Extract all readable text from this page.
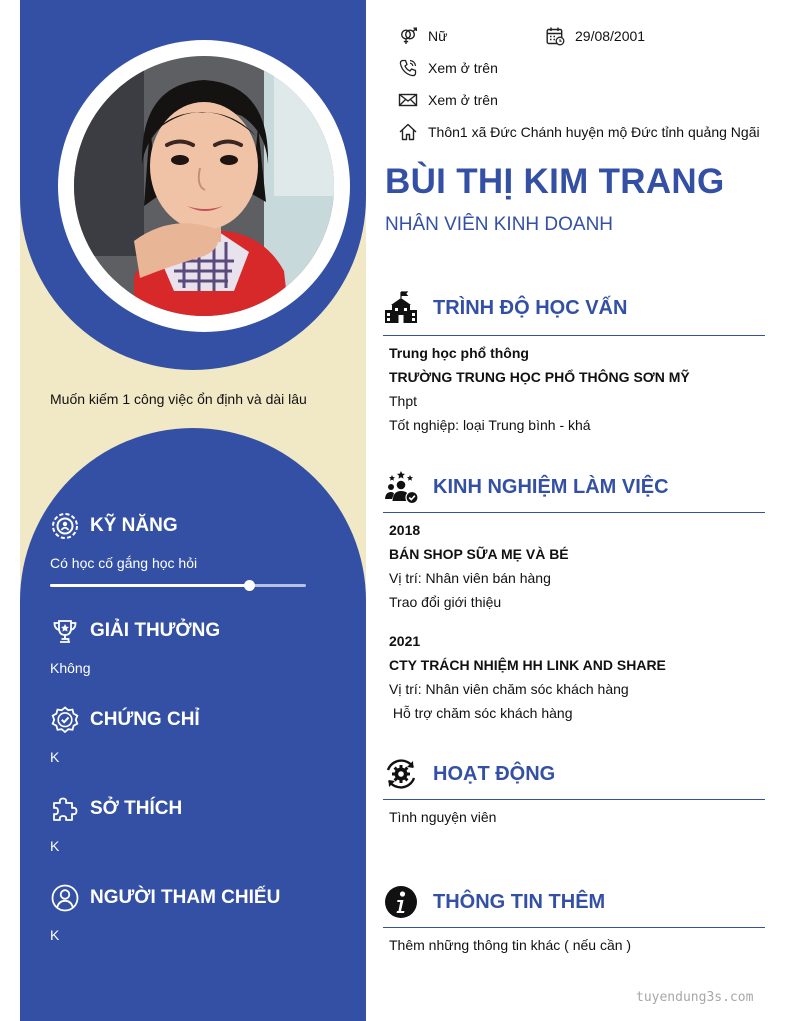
Muốn kiếm 1 công việc ổn định và dài lâu
KỸ NĂNG
Có học cố gắng học hỏi
GIẢI THƯỞNG
Không
CHỨNG CHỈ
K
SỞ THÍCH
K
NGƯỜI THAM CHIẾU
K
Nữ	29/08/2001
Xem ở trên
Xem ở trên
Thôn1 xã Đức Chánh huyện mộ Đức tỉnh quảng Ngãi
BÙI THỊ KIM TRANG
NHÂN VIÊN KINH DOANH
TRÌNH ĐỘ HỌC VẤN
Trung học phổ thông
TRƯỜNG TRUNG HỌC PHỔ THÔNG SƠN MỸ
Thpt
Tốt nghiệp: loại Trung bình - khá
KINH NGHIỆM LÀM VIỆC
2018
BÁN SHOP SỮA MẸ VÀ BÉ
Vị trí: Nhân viên bán hàng
Trao đổi giới thiệu
2021
CTY TRÁCH NHIỆM HH LINK AND SHARE
Vị trí: Nhân viên chăm sóc khách hàng
Hỗ trợ chăm sóc khách hàng
HOẠT ĐỘNG
Tình nguyện viên
THÔNG TIN THÊM
Thêm những thông tin khác ( nếu cần )
tuyendung3s.com
